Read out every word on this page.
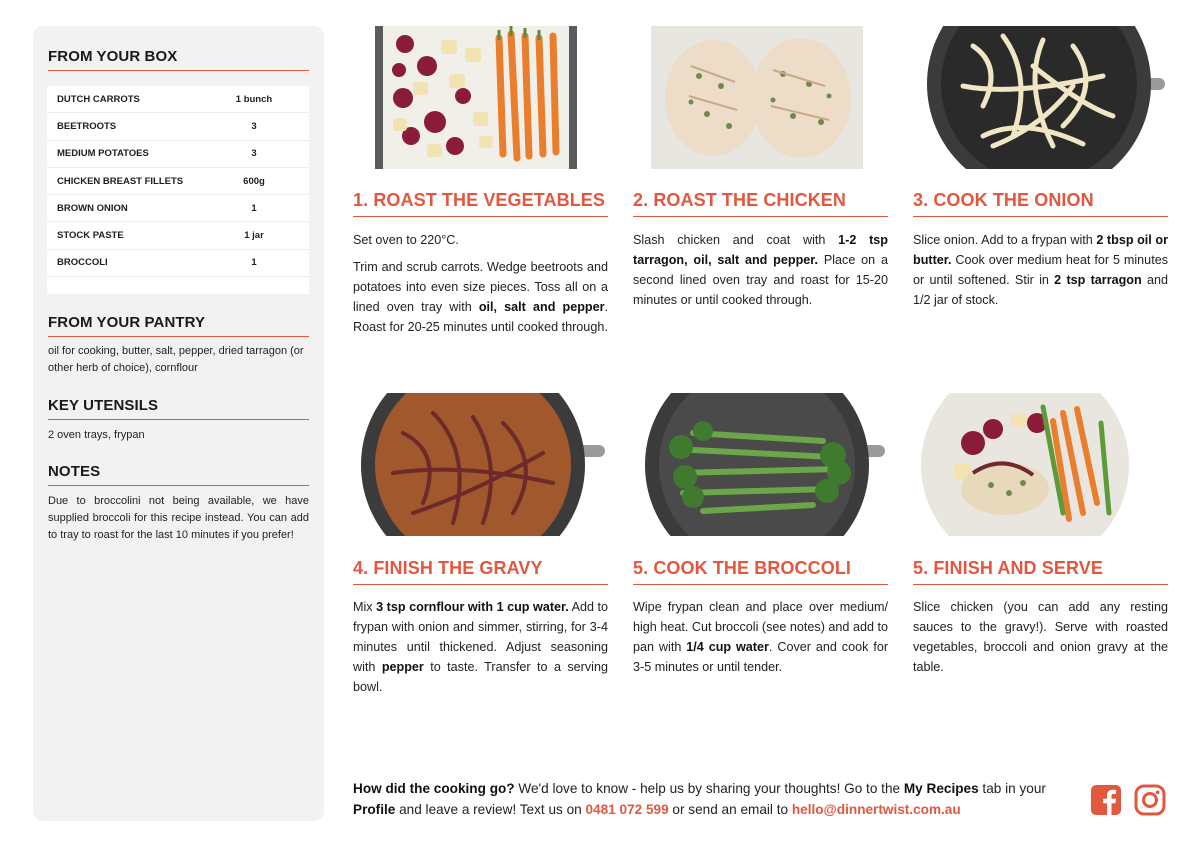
FROM YOUR BOX
DUTCH CARROTS	1 bunch
BEETROOTS	3
MEDIUM POTATOES	3
CHICKEN BREAST FILLETS	600g
BROWN ONION	1
STOCK PASTE	1 jar
BROCCOLI	1
FROM YOUR PANTRY
oil for cooking, butter, salt, pepper, dried tarragon (or other herb of choice), cornflour
KEY UTENSILS
2 oven trays, frypan
NOTES
Due to broccolini not being available, we have supplied broccoli for this recipe instead. You can add to tray to roast for the last 10 minutes if you prefer!
1. ROAST THE VEGETABLES 2. ROAST THE CHICKEN	3. COOK THE ONION
4. FINISH THE GRAVY	5. COOK THE BROCCOLI	5. FINISH AND SERVE

Set oven to 220°C.

Trim and scrub carrots. Wedge beetroots and potatoes into even size pieces. Toss all on a lined oven tray with oil, salt and pepper. Roast for 20-25 minutes until cooked through.

Slash chicken and coat with 1-2 tsp tarragon, oil, salt and pepper. Place on a second lined oven tray and roast for 15-20 minutes or until cooked through.

Slice onion. Add to a frypan with 2 tbsp oil or butter. Cook over medium heat for 5 minutes or until softened. Stir in 2 tsp tarragon and 1/2 jar of stock.

Mix 3 tsp cornflour with 1 cup water. Add to frypan with onion and simmer, stirring, for 3-4 minutes until thickened. Adjust seasoning with pepper to taste. Transfer to a serving bowl.

Wipe frypan clean and place over medium/ high heat. Cut broccoli (see notes) and add to pan with 1/4 cup water. Cover and cook for 3-5 minutes or until tender.

Slice chicken (you can add any resting sauces to the gravy!). Serve with roasted vegetables, broccoli and onion gravy at the table.

How did the cooking go? We'd love to know - help us by sharing your thoughts! Go to the My Recipes tab in your Profile and leave a review! Text us on 0481 072 599 or send an email to hello@dinnertwist.com.au
